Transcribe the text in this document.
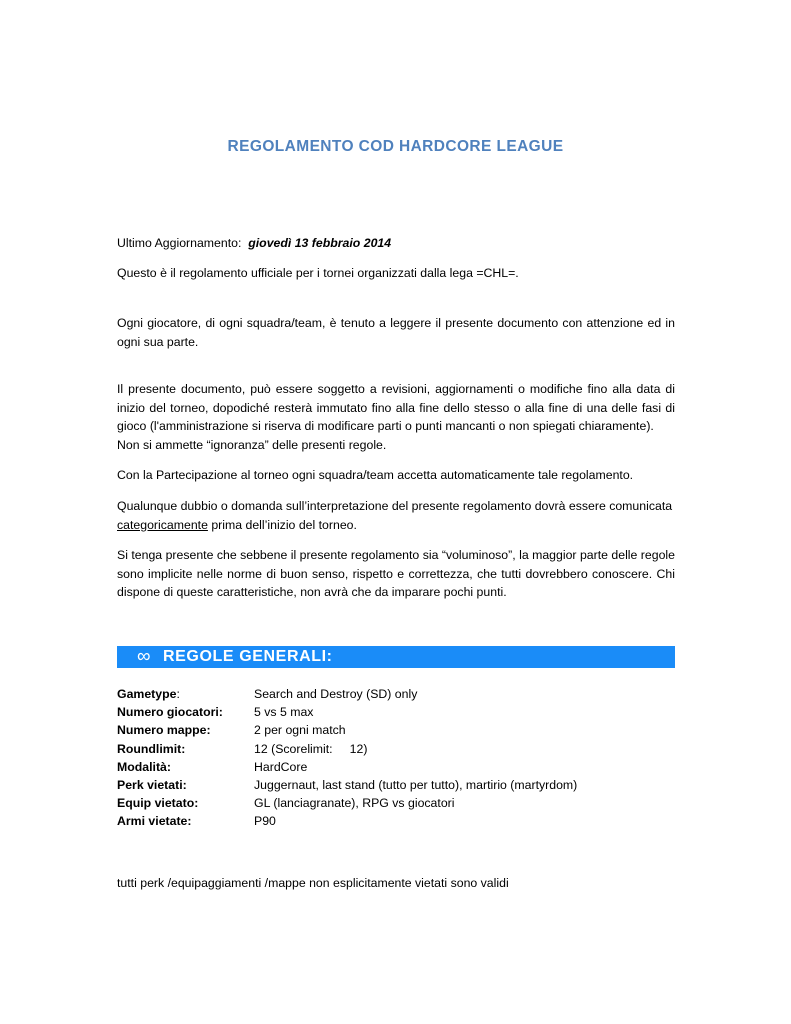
REGOLAMENTO COD HARDCORE LEAGUE
Ultimo Aggiornamento: giovedì 13 febbraio 2014
Questo è il regolamento ufficiale per i tornei organizzati dalla lega =CHL=.
Ogni giocatore, di ogni squadra/team, è tenuto a leggere il presente documento con attenzione ed in ogni sua parte.
Il presente documento, può essere soggetto a revisioni, aggiornamenti o modifiche fino alla data di inizio del torneo, dopodiché resterà immutato fino alla fine dello stesso o alla fine di una delle fasi di gioco (l'amministrazione si riserva di modificare parti o punti mancanti o non spiegati chiaramente).
Non si ammette “ignoranza” delle presenti regole.
Con la Partecipazione al torneo ogni squadra/team accetta automaticamente tale regolamento.
Qualunque dubbio o domanda sull’interpretazione del presente regolamento dovrà essere comunicata
categoricamente prima dell’inizio del torneo.
Si tenga presente che sebbene il presente regolamento sia “voluminoso”, la maggior parte delle regole sono implicite nelle norme di buon senso, rispetto e correttezza, che tutti dovrebbero conoscere. Chi dispone di queste caratteristiche, non avrà che da imparare pochi punti.
∞ REGOLE GENERALI:
Gametype:	Search and Destroy (SD) only
Numero giocatori:	5 vs 5 max
Numero mappe:	2 per ogni match
Roundlimit:	12 (Scorelimit:     12)
Modalità:	HardCore
Perk vietati:	Juggernaut, last stand (tutto per tutto), martirio (martyrdom)
Equip vietato:	GL (lanciagranate), RPG vs giocatori
Armi vietate:	P90
tutti perk /equipaggiamenti /mappe non esplicitamente vietati sono validi
